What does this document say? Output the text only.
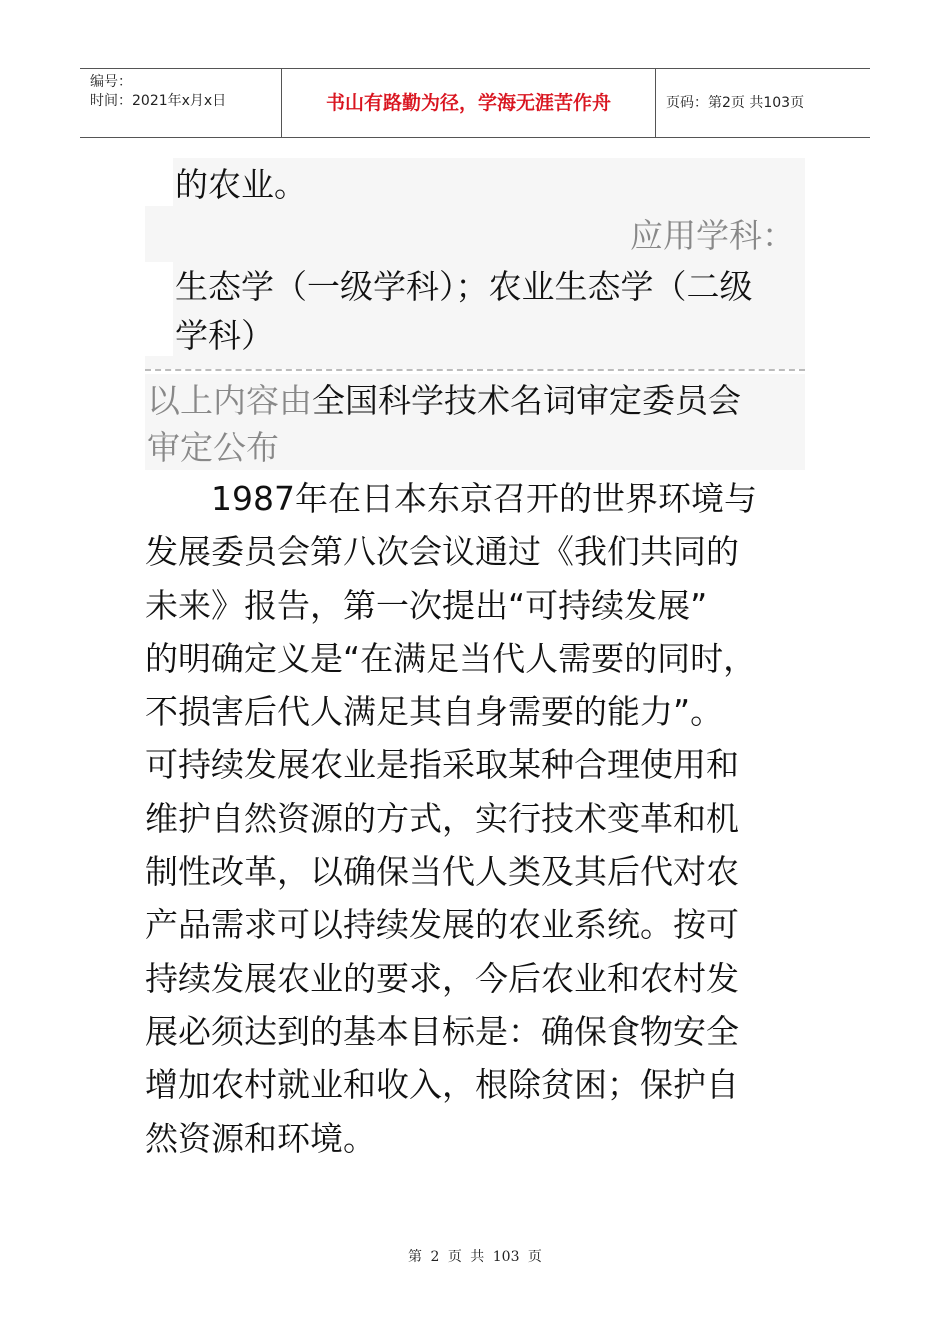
编号：
时间：2021年x月x日	书山有路勤为径，学海无涯苦作舟	页码：第2页 共103页
的农业。
应用学科：
生态学（一级学科）；农业生态学（二级
学科）
以上内容由全国科学技术名词审定委员会
审定公布

　　1987年在日本东京召开的世界环境与
发展委员会第八次会议通过《我们共同的
未来》报告，第一次提出“可持续发展”
的明确定义是“在满足当代人需要的同时，
不损害后代人满足其自身需要的能力”。
可持续发展农业是指采取某种合理使用和
维护自然资源的方式，实行技术变革和机
制性改革，以确保当代人类及其后代对农
产品需求可以持续发展的农业系统。按可
持续发展农业的要求，今后农业和农村发
展必须达到的基本目标是：确保食物安全
增加农村就业和收入，根除贫困；保护自
然资源和环境。

第 2 页 共 103 页
